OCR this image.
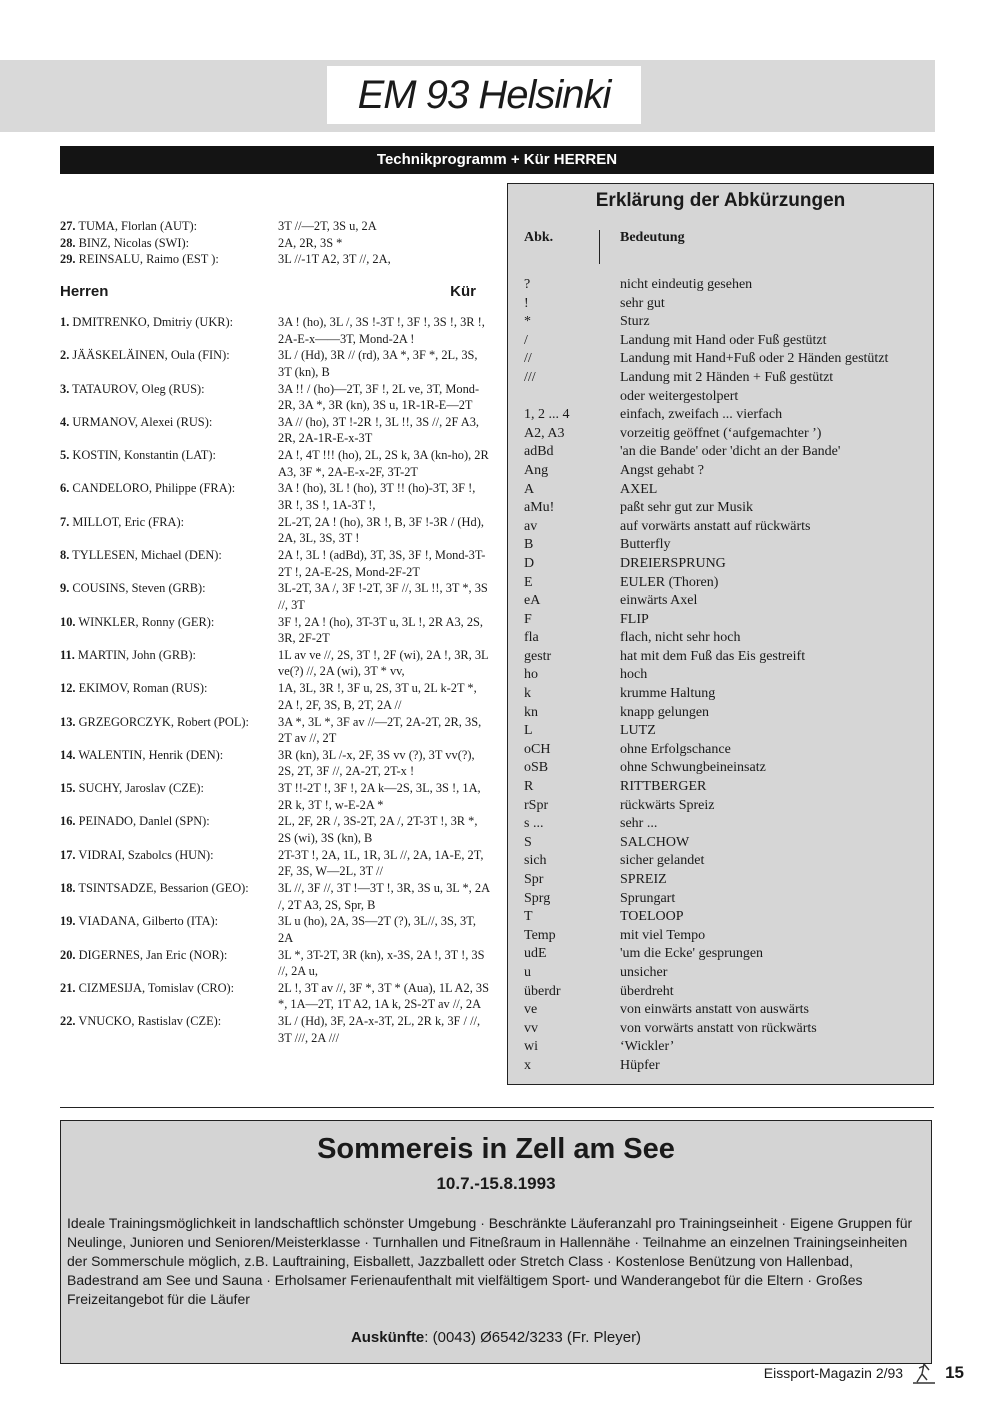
EM 93 Helsinki
Technikprogramm + Kür HERREN
27. TUMA, Florlan (AUT):	3T //—2T, 3S u, 2A
28. BINZ, Nicolas (SWI):	2A, 2R, 3S *
29. REINSALU, Raimo (EST ):	3L //-1T A2, 3T //, 2A,
Herren	Kür
1. DMITRENKO, Dmitriy (UKR):	3A ! (ho), 3L /, 3S !-3T !, 3F !, 3S !, 3R !, 2A-E-x——3T, Mond-2A !
2. JÄÄSKELÄINEN, Oula (FIN):	3L / (Hd), 3R // (rd), 3A *, 3F *, 2L, 3S, 3T (kn), B
3. TATAUROV, Oleg (RUS):	3A !! / (ho)—2T, 3F !, 2L ve, 3T, Mond-2R, 3A *, 3R (kn), 3S u, 1R-1R-E—2T
4. URMANOV, Alexei (RUS):	3A // (ho), 3T !-2R !, 3L !!, 3S //, 2F A3, 2R, 2A-1R-E-x-3T
5. KOSTIN, Konstantin (LAT):	2A !, 4T !!! (ho), 2L, 2S k, 3A (kn-ho), 2R A3, 3F *, 2A-E-x-2F, 3T-2T
6. CANDELORO, Philippe (FRA):	3A ! (ho), 3L ! (ho), 3T !! (ho)-3T, 3F !, 3R !, 3S !, 1A-3T !,
7. MILLOT, Eric (FRA):	2L-2T, 2A ! (ho), 3R !, B, 3F !-3R / (Hd), 2A, 3L, 3S, 3T !
8. TYLLESEN, Michael (DEN):	2A !, 3L ! (adBd), 3T, 3S, 3F !, Mond-3T-2T !, 2A-E-2S, Mond-2F-2T
9. COUSINS, Steven (GRB):	3L-2T, 3A /, 3F !-2T, 3F //, 3L !!, 3T *, 3S //, 3T
10. WINKLER, Ronny (GER):	3F !, 2A ! (ho), 3T-3T u, 3L !, 2R A3, 2S, 3R, 2F-2T
11. MARTIN, John (GRB):	1L av ve //, 2S, 3T !, 2F (wi), 2A !, 3R, 3L ve(?) //, 2A (wi), 3T * vv,
12. EKIMOV, Roman (RUS):	1A, 3L, 3R !, 3F u, 2S, 3T u, 2L k-2T *, 2A !, 2F, 3S, B, 2T, 2A //
13. GRZEGORCZYK, Robert (POL):	3A *, 3L *, 3F av //—2T, 2A-2T, 2R, 3S, 2T av //, 2T
14. WALENTIN, Henrik (DEN):	3R (kn), 3L /-x, 2F, 3S vv (?), 3T vv(?), 2S, 2T, 3F //, 2A-2T, 2T-x !
15. SUCHY, Jaroslav (CZE):	3T !!-2T !, 3F !, 2A k—2S, 3L, 3S !, 1A, 2R k, 3T !, w-E-2A *
16. PEINADO, Danlel (SPN):	2L, 2F, 2R /, 3S-2T, 2A /, 2T-3T !, 3R *, 2S (wi), 3S (kn), B
17. VIDRAI, Szabolcs (HUN):	2T-3T !, 2A, 1L, 1R, 3L //, 2A, 1A-E, 2T, 2F, 3S, W—2L, 3T //
18. TSINTSADZE, Bessarion (GEO):	3L //, 3F //, 3T !—3T !, 3R, 3S u, 3L *, 2A /, 2T A3, 2S, Spr, B
19. VIADANA, Gilberto (ITA):	3L u (ho), 2A, 3S—2T (?), 3L//, 3S, 3T, 2A
20. DIGERNES, Jan Eric (NOR):	3L *, 3T-2T, 3R (kn), x-3S, 2A !, 3T !, 3S //, 2A u,
21. CIZMESIJA, Tomislav (CRO):	2L !, 3T av //, 3F *, 3T * (Aua), 1L A2, 3S *, 1A—2T, 1T A2, 1A k, 2S-2T av //, 2A
22. VNUCKO, Rastislav (CZE):	3L / (Hd), 3F, 2A-x-3T, 2L, 2R k, 3F / //, 3T ///, 2A ///
Erklärung der Abkürzungen
Abk.	Bedeutung
?	nicht eindeutig gesehen
!	sehr gut
*	Sturz
/	Landung mit Hand oder Fuß gestützt
//	Landung mit Hand+Fuß oder 2 Händen gestützt
///	Landung mit 2 Händen + Fuß gestützt
oder weitergestolpert
1, 2 ... 4	einfach, zweifach ... vierfach
A2, A3	vorzeitig geöffnet (‘aufgemachter ’)
adBd	'an die Bande' oder 'dicht an der Bande'
Ang	Angst gehabt ?
A	AXEL
aMu!	paßt sehr gut zur Musik
av	auf vorwärts anstatt auf rückwärts
B	Butterfly
D	DREIERSPRUNG
E	EULER (Thoren)
eA	einwärts Axel
F	FLIP
fla	flach, nicht sehr hoch
gestr	hat mit dem Fuß das Eis gestreift
ho	hoch
k	krumme Haltung
kn	knapp gelungen
L	LUTZ
oCH	ohne Erfolgschance
oSB	ohne Schwungbeineinsatz
R	RITTBERGER
rSpr	rückwärts Spreiz
s ...	sehr ...
S	SALCHOW
sich	sicher gelandet
Spr	SPREIZ
Sprg	Sprungart
T	TOELOOP
Temp	mit viel Tempo
udE	'um die Ecke' gesprungen
u	unsicher
überdr	überdreht
ve	von einwärts anstatt von auswärts
vv	von vorwärts anstatt von rückwärts
wi	‘Wickler’
x	Hüpfer
Sommereis in Zell am See
10.7.-15.8.1993
Ideale Trainingsmöglichkeit in landschaftlich schönster Umgebung · Beschränkte Läuferanzahl pro Trainingseinheit · Eigene Gruppen für Neulinge, Junioren und Senioren/Meisterklasse · Turnhallen und Fitneßraum in Hallennähe · Teilnahme an einzelnen Trainingseinheiten der Sommerschule möglich, z.B. Lauftraining, Eisballett, Jazzballett oder Stretch Class · Kostenlose Benützung von Hallenbad, Badestrand am See und Sauna · Erholsamer Ferienaufenthalt mit vielfältigem Sport- und Wanderangebot für die Eltern · Großes Freizeitangebot für die Läufer
Auskünfte: (0043) Ø6542/3233 (Fr. Pleyer)
Eissport-Magazin 2/93 15
